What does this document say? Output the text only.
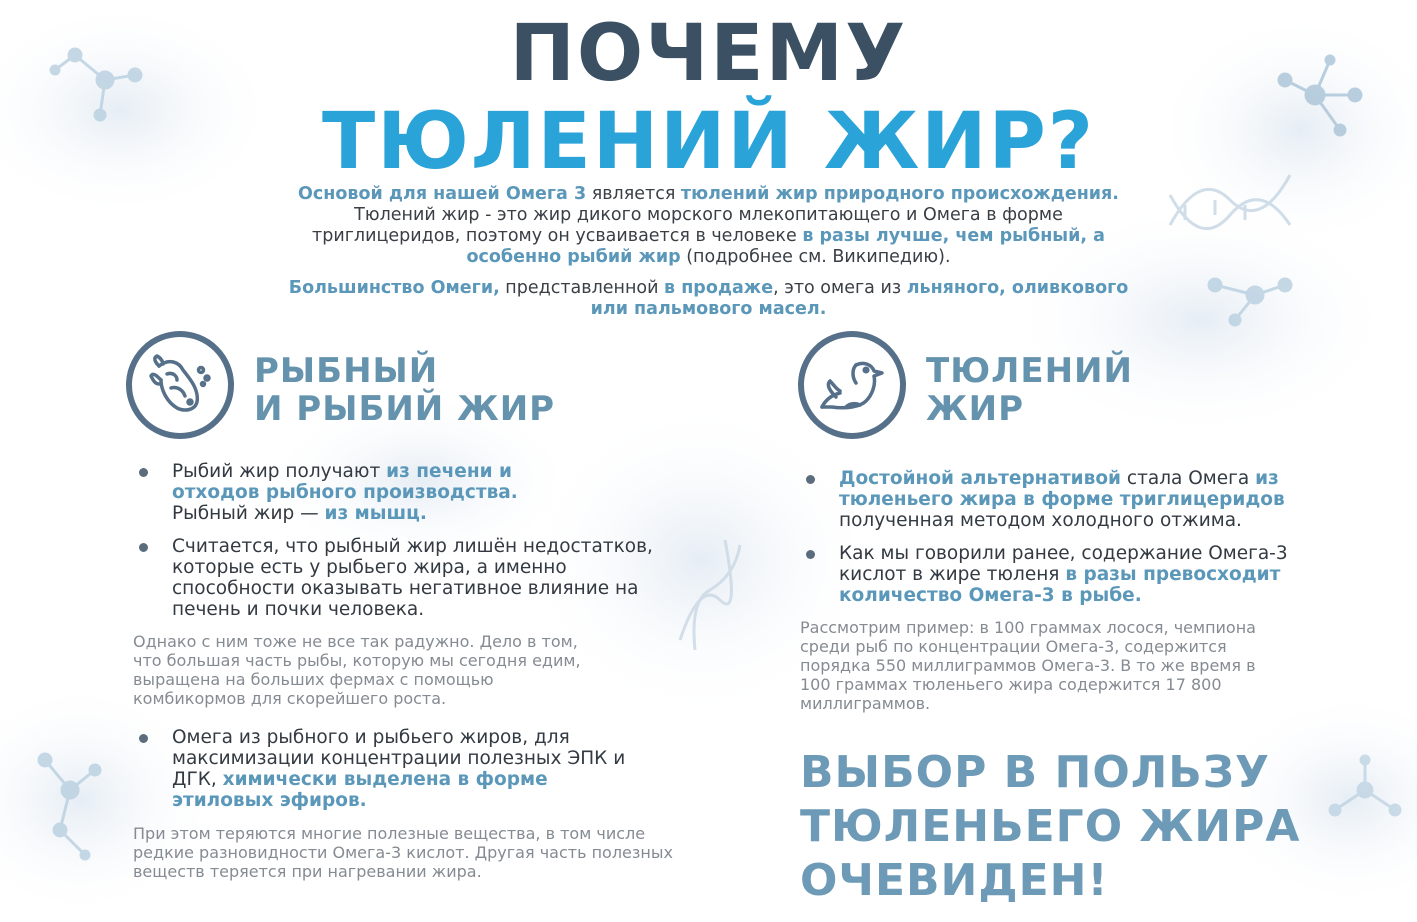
ПОЧЕМУ
ТЮЛЕНИЙ ЖИР?

Основой для нашей Омега 3 является тюлений жир природного происхождения. Тюлений жир - это жир дикого морского млекопитающего и Омега в форме триглицеридов, поэтому он усваивается в человеке в разы лучше, чем рыбный, а особенно рыбий жир (подробнее см. Википедию).

Большинство Омеги, представленной в продаже, это омега из льняного, оливкового или пальмового масел.

РЫБНЫЙ
И РЫБИЙ ЖИР
Рыбий жир получают из печени и отходов рыбного производства. Рыбный жир — из мышц.
Считается, что рыбный жир лишён недостатков, которые есть у рыбьего жира, а именно способности оказывать негативное влияние на печень и почки человека.
Однако с ним тоже не все так радужно. Дело в том, что большая часть рыбы, которую мы сегодня едим, выращена на больших фермах с помощью комбикормов для скорейшего роста.
Омега из рыбного и рыбьего жиров, для максимизации концентрации полезных ЭПК и ДГК, химически выделена в форме этиловых эфиров.
При этом теряются многие полезные вещества, в том числе редкие разновидности Омега-3 кислот. Другая часть полезных веществ теряется при нагревании жира.
ТЮЛЕНИЙ
ЖИР
Достойной альтернативой стала Омега из тюленьего жира в форме триглицеридов полученная методом холодного отжима.
Как мы говорили ранее, содержание Омега-3 кислот в жире тюленя в разы превосходит количество Омега-3 в рыбе.
Рассмотрим пример: в 100 граммах лосося, чемпиона среди рыб по концентрации Омега-3, содержится порядка 550 миллиграммов Омега-3. В то же время в 100 граммах тюленьего жира содержится 17 800 миллиграммов.
ВЫБОР В ПОЛЬЗУ
ТЮЛЕНЬЕГО ЖИРА
ОЧЕВИДЕН!
